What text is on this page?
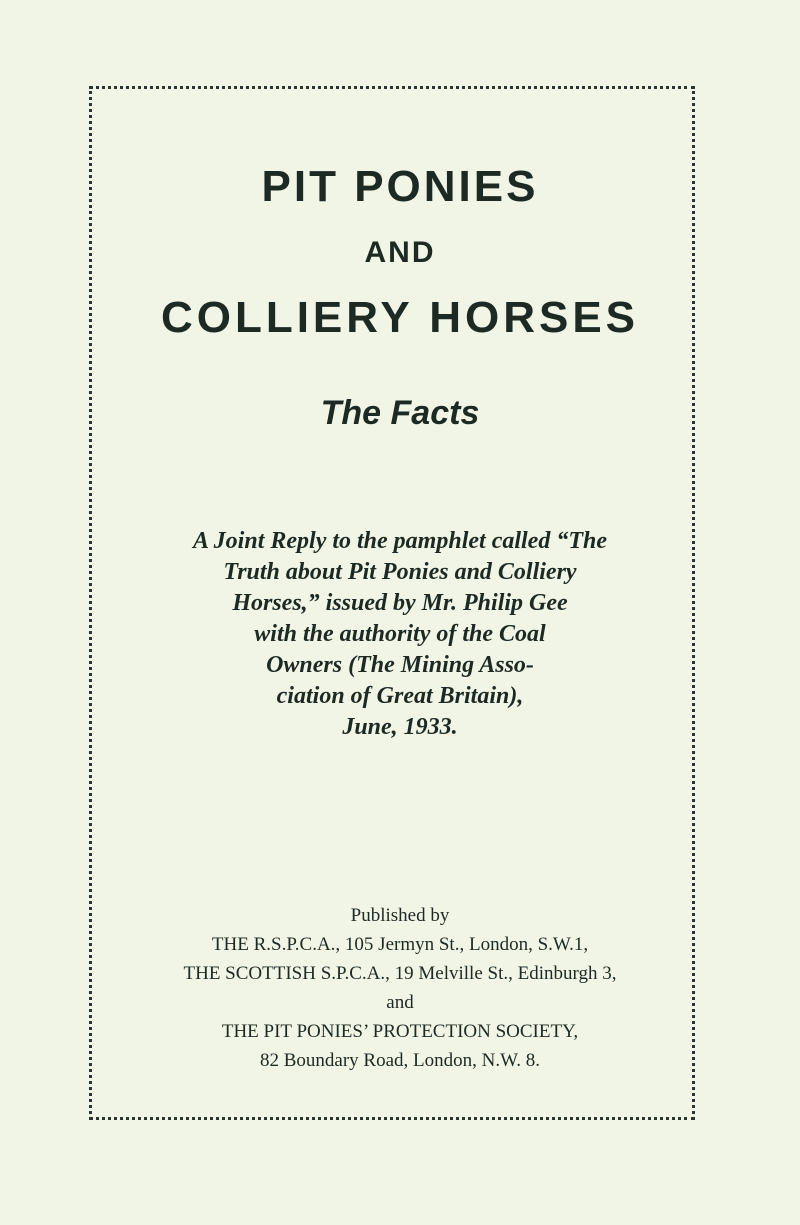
PIT PONIES
AND
COLLIERY HORSES
The Facts
A Joint Reply to the pamphlet called “The
Truth about Pit Ponies and Colliery
Horses,” issued by Mr. Philip Gee
with the authority of the Coal
Owners (The Mining Asso-
ciation of Great Britain),
June, 1933.
Published by
THE R.S.P.C.A., 105 Jermyn St., London, S.W.1,
THE SCOTTISH S.P.C.A., 19 Melville St., Edinburgh 3,
and
THE PIT PONIES’ PROTECTION SOCIETY,
82 Boundary Road, London, N.W. 8.
